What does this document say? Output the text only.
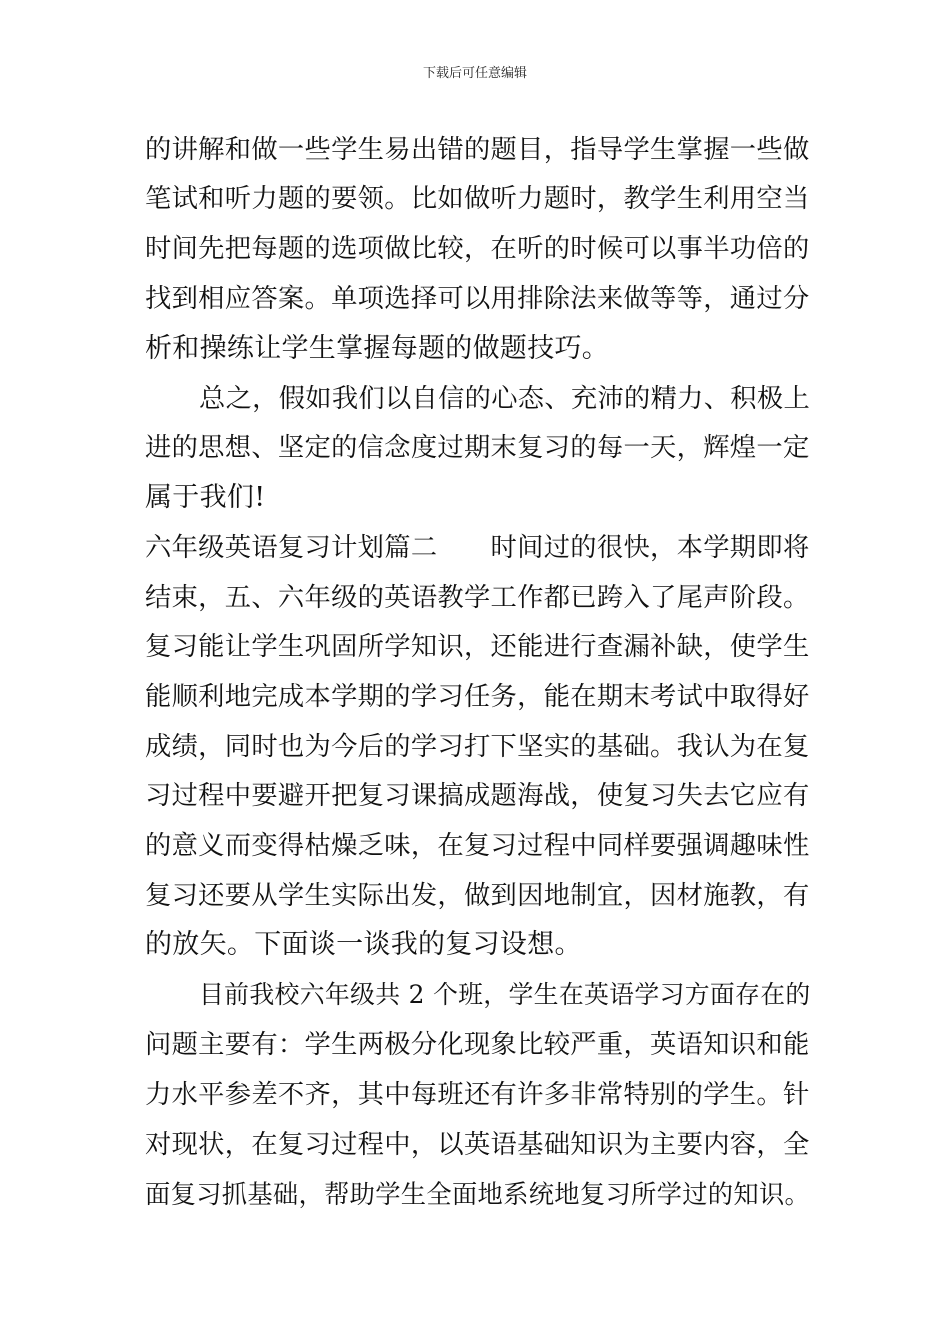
下载后可任意编辑
的讲解和做一些学生易出错的题目，指导学生掌握一些做
笔试和听力题的要领。比如做听力题时，教学生利用空当
时间先把每题的选项做比较，在听的时候可以事半功倍的
找到相应答案。单项选择可以用排除法来做等等，通过分
析和操练让学生掌握每题的做题技巧。
总之，假如我们以自信的心态、充沛的精力、积极上
进的思想、坚定的信念度过期末复习的每一天，辉煌一定
属于我们!
六年级英语复习计划篇二　　时间过的很快，本学期即将
结束，五、六年级的英语教学工作都已跨入了尾声阶段。
复习能让学生巩固所学知识，还能进行查漏补缺，使学生
能顺利地完成本学期的学习任务，能在期末考试中取得好
成绩，同时也为今后的学习打下坚实的基础。我认为在复
习过程中要避开把复习课搞成题海战，使复习失去它应有
的意义而变得枯燥乏味，在复习过程中同样要强调趣味性
复习还要从学生实际出发，做到因地制宜，因材施教，有
的放矢。下面谈一谈我的复习设想。
目前我校六年级共 2 个班，学生在英语学习方面存在的
问题主要有：学生两极分化现象比较严重，英语知识和能
力水平参差不齐，其中每班还有许多非常特别的学生。针
对现状，在复习过程中，以英语基础知识为主要内容，全
面复习抓基础，帮助学生全面地系统地复习所学过的知识。
